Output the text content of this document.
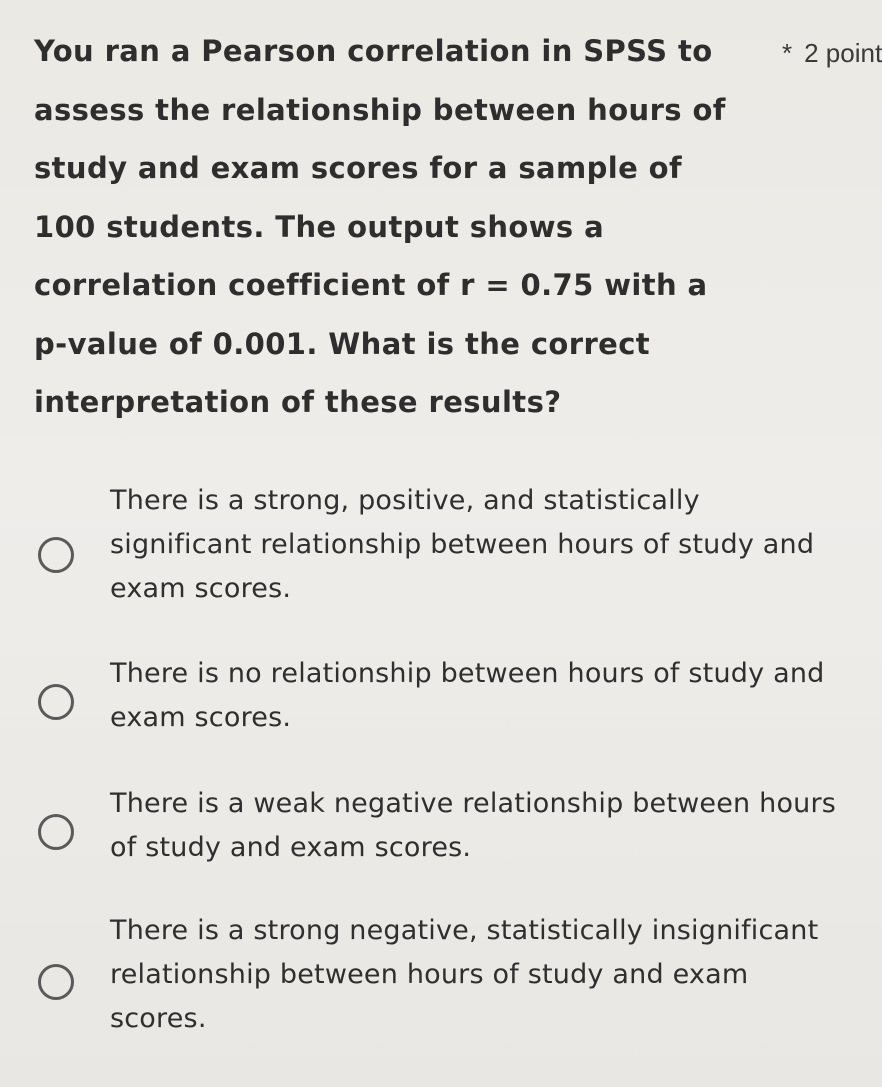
You ran a Pearson correlation in SPSS to assess the relationship between hours of study and exam scores for a sample of 100 students. The output shows a correlation coefficient of r = 0.75 with a p-value of 0.001. What is the correct interpretation of these results?

* 2 point
There is a strong, positive, and statistically significant relationship between hours of study and exam scores.
There is no relationship between hours of study and exam scores.
There is a weak negative relationship between hours of study and exam scores.
There is a strong negative, statistically insignificant relationship between hours of study and exam scores.
